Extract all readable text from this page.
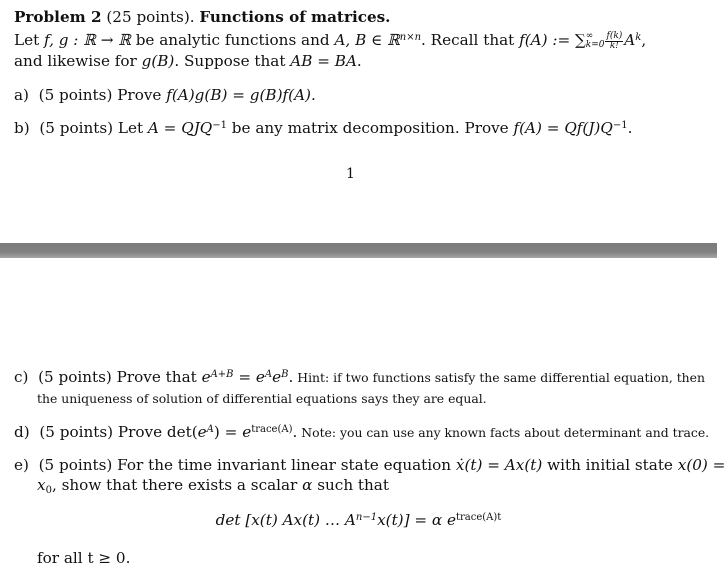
Problem 2 (25 points). Functions of matrices.
Let f, g : ℝ → ℝ be analytic functions and A, B ∈ ℝ$^{n\times n}$. Recall that f(A) := ∑ ∞
$k=0 \frac{f(k)}{k!} A^k$,
and likewise for g(B). Suppose that AB = BA.
a) (5 points) Prove f(A)g(B) = g(B)f(A).
b) (5 points) Let $A = QJQ^{-1}$ be any matrix decomposition. Prove $f(A) = Qf(J)Q^{-1}$.
1
c) (5 points) Prove that $e^{A+B} = e^Ae^B$. Hint: if two functions satisfy the same differential equation, then
the uniqueness of solution of differential equations says they are equal.
d) (5 points) Prove $\det(e^A) = e^{trace(A)}$. Note: you can use any known facts about determinant and trace.
e) (5 points) For the time invariant linear state equation ẋ(t) = Ax(t) with initial state x(0) =
$x_0$, show that there exists a scalar α such that
det [x(t) Ax(t) … $A^{n-1}x(t)] = \alpha$ $e^{trace(A)t}$
for all t ≥ 0.
